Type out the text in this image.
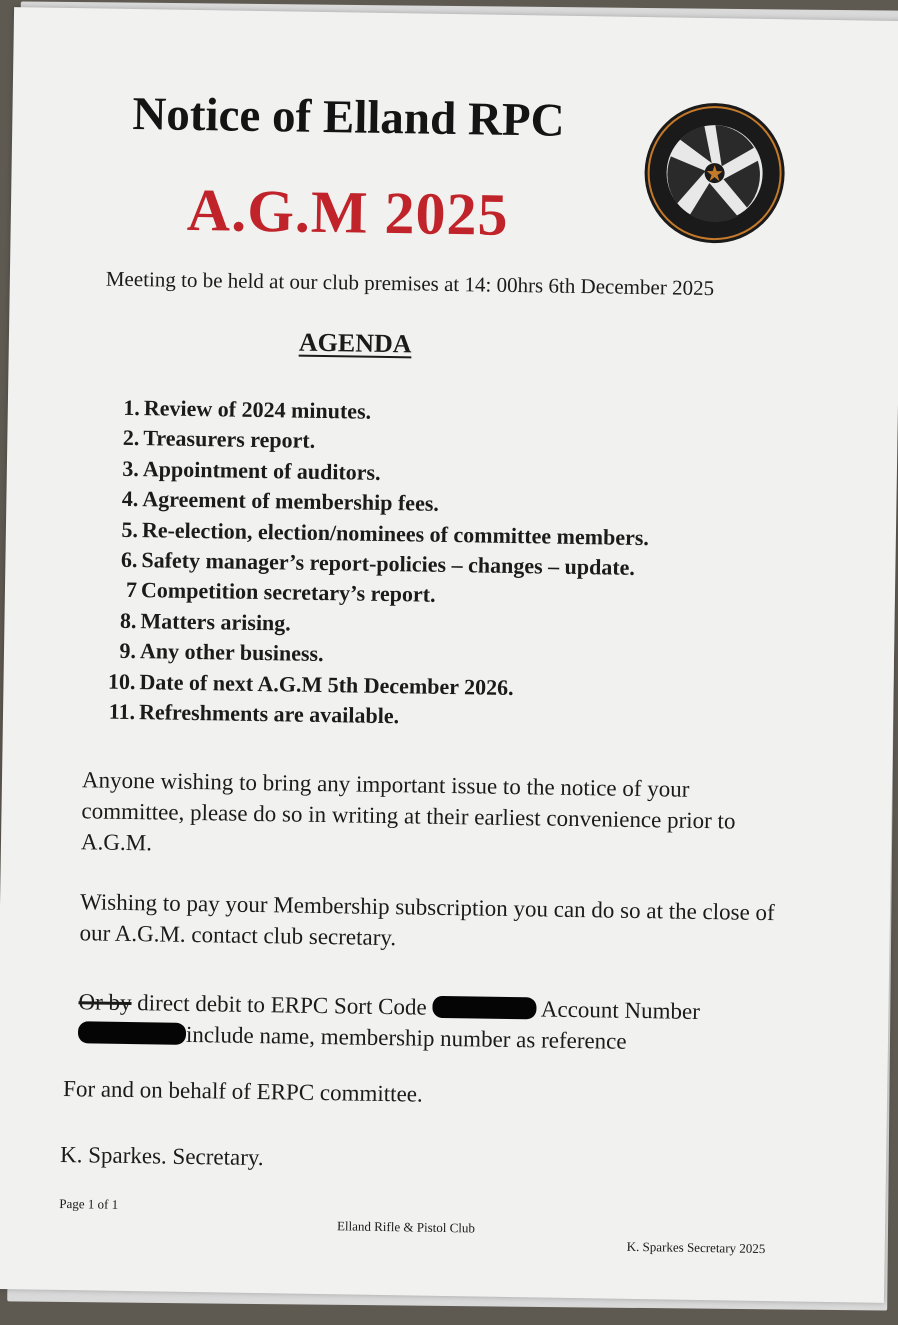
Notice of Elland RPC
A.G.M 2025
Meeting to be held at our club premises at 14: 00hrs 6th December 2025
AGENDA
1. Review of 2024 minutes.
2. Treasurers report.
3. Appointment of auditors.
4. Agreement of membership fees.
5. Re-election, election/nominees of committee members.
6. Safety manager’s report-policies – changes – update.
7 Competition secretary’s report.
8. Matters arising.
9. Any other business.
10. Date of next A.G.M 5th December 2026.
11. Refreshments are available.
Anyone wishing to bring any important issue to the notice of your committee, please do so in writing at their earliest convenience prior to A.G.M.
Wishing to pay your Membership subscription you can do so at the close of our A.G.M. contact club secretary.
Or by direct debit to ERPC Sort Code	Account Number
include name, membership number as reference
For and on behalf of ERPC committee.
K. Sparkes. Secretary.
Page 1 of 1
Elland Rifle & Pistol Club
K. Sparkes Secretary 2025
